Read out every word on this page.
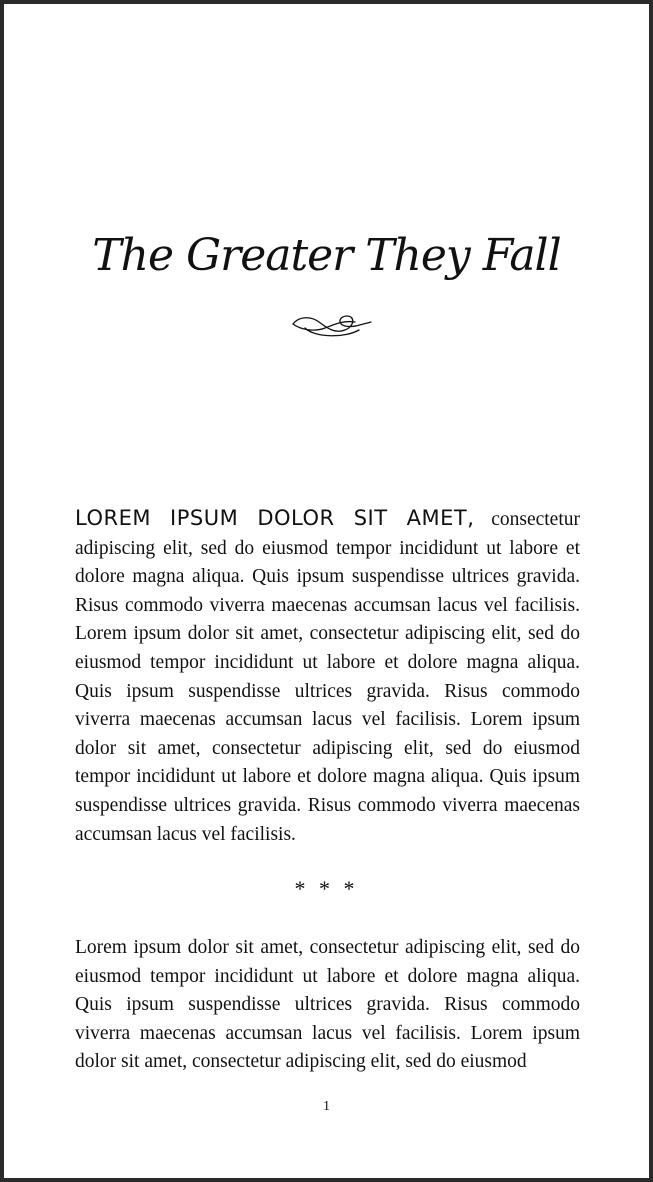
The Greater They Fall

LOREM IPSUM DOLOR SIT AMET, consectetur adipiscing elit, sed do eiusmod tempor incididunt ut labore et dolore magna aliqua. Quis ipsum suspendisse ultrices gravida. Risus commodo viverra maecenas accumsan lacus vel facilisis. Lorem ipsum dolor sit amet, consectetur adipiscing elit, sed do eiusmod tempor incididunt ut labore et dolore magna aliqua. Quis ipsum suspendisse ultrices gravida. Risus commodo viverra maecenas accumsan lacus vel facilisis. Lorem ipsum dolor sit amet, consectetur adipiscing elit, sed do eiusmod tempor incididunt ut labore et dolore magna aliqua. Quis ipsum suspendisse ultrices gravida. Risus commodo viverra maecenas accumsan lacus vel facilisis.

* * *

Lorem ipsum dolor sit amet, consectetur adipiscing elit, sed do eiusmod tempor incididunt ut labore et dolore magna aliqua. Quis ipsum suspendisse ultrices gravida. Risus commodo viverra maecenas accumsan lacus vel facilisis. Lorem ipsum dolor sit amet, consectetur adipiscing elit, sed do eiusmod

1
